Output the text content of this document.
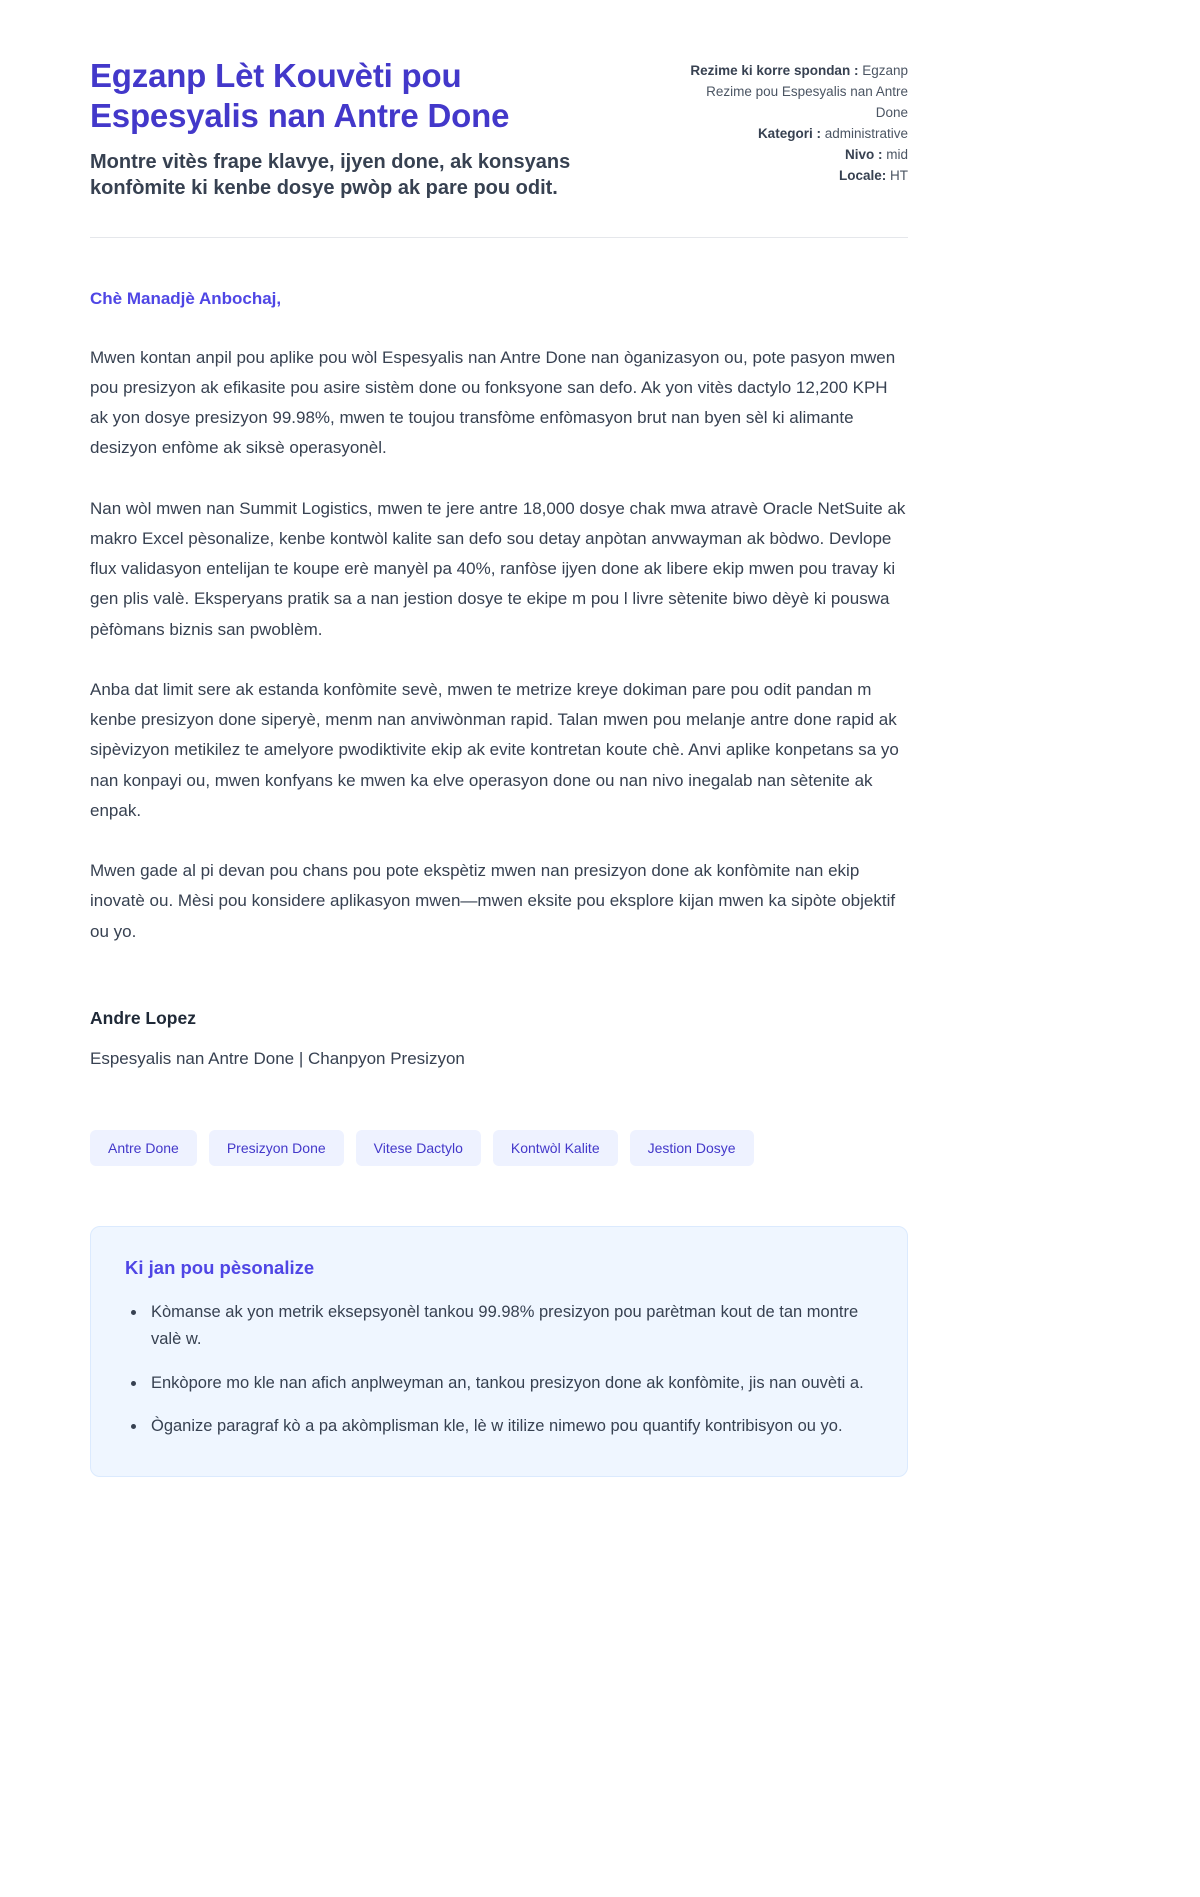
Egzanp Lèt Kouvèti pou Espesyalis nan Antre Done

Montre vitès frape klavye, ijyen done, ak konsyans konfòmite ki kenbe dosye pwòp ak pare pou odit.

Rezime ki korre spondan : Egzanp Rezime pou Espesyalis nan Antre Done
Kategori : administrative
Nivo : mid
Locale: HT

Chè Manadjè Anbochaj,

Mwen kontan anpil pou aplike pou wòl Espesyalis nan Antre Done nan òganizasyon ou, pote pasyon mwen pou presizyon ak efikasite pou asire sistèm done ou fonksyone san defo. Ak yon vitès dactylo 12,200 KPH ak yon dosye presizyon 99.98%, mwen te toujou transfòme enfòmasyon brut nan byen sèl ki alimante desizyon enfòme ak siksè operasyonèl.

Nan wòl mwen nan Summit Logistics, mwen te jere antre 18,000 dosye chak mwa atravè Oracle NetSuite ak makro Excel pèsonalize, kenbe kontwòl kalite san defo sou detay anpòtan anvwayman ak bòdwo. Devlope flux validasyon entelijan te koupe erè manyèl pa 40%, ranfòse ijyen done ak libere ekip mwen pou travay ki gen plis valè. Eksperyans pratik sa a nan jestion dosye te ekipe m pou l livre sètenite biwo dèyè ki pouswa pèfòmans biznis san pwoblèm.

Anba dat limit sere ak estanda konfòmite sevè, mwen te metrize kreye dokiman pare pou odit pandan m kenbe presizyon done siperyè, menm nan anviwònman rapid. Talan mwen pou melanje antre done rapid ak sipèvizyon metikilez te amelyore pwodiktivite ekip ak evite kontretan koute chè. Anvi aplike konpetans sa yo nan konpayi ou, mwen konfyans ke mwen ka elve operasyon done ou nan nivo inegalab nan sètenite ak enpak.

Mwen gade al pi devan pou chans pou pote ekspètiz mwen nan presizyon done ak konfòmite nan ekip inovatè ou. Mèsi pou konsidere aplikasyon mwen—mwen eksite pou eksplore kijan mwen ka sipòte objektif ou yo.

Andre Lopez

Espesyalis nan Antre Done | Chanpyon Presizyon

Antre Done	Presizyon Done	Vitese Dactylo	Kontwòl Kalite	Jestion Dosye
Ki jan pou pèsonalize
• Kòmanse ak yon metrik eksepsyonèl tankou 99.98% presizyon pou parètman kout de tan montre valè w.
• Enkòpore mo kle nan afich anplweyman an, tankou presizyon done ak konfòmite, jis nan ouvèti a.
• Òganize paragraf kò a pa akòmplisman kle, lè w itilize nimewo pou quantify kontribisyon ou yo.
